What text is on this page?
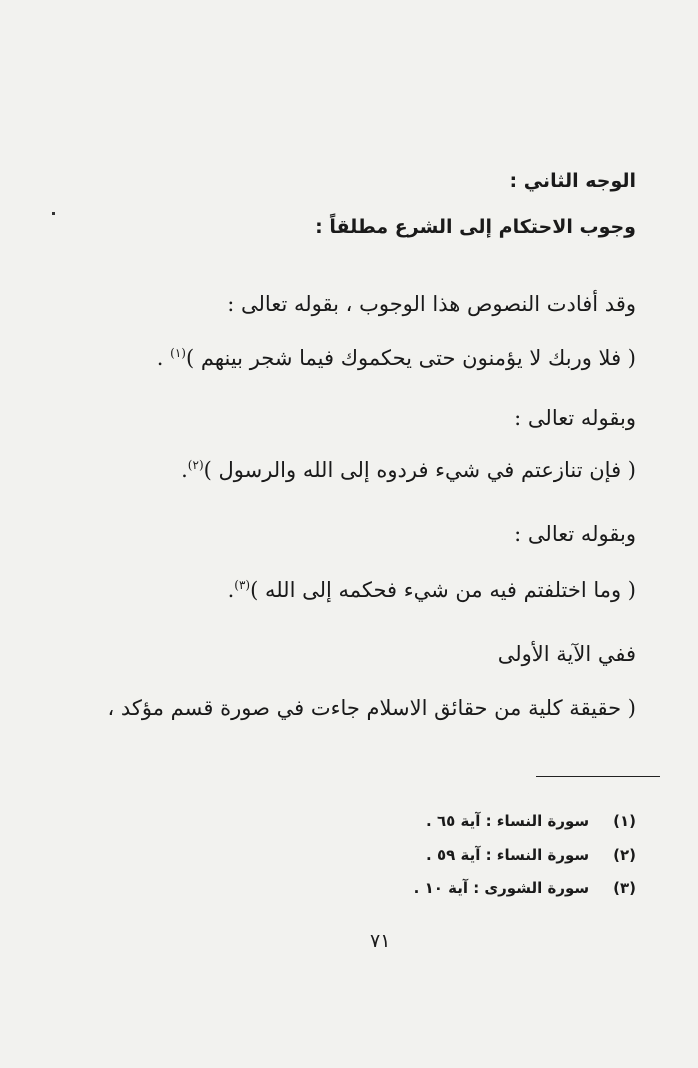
الوجه الثاني :
وجوب الاحتكام إلى الشرع مطلقاً :
وقد أفادت النصوص هذا الوجوب ، بقوله تعالى :
( فلا وربك لا يؤمنون حتى يحكموك فيما شجر بينهم )$^{(١)}$ .
وبقوله تعالى :
( فإن تنازعتم في شيء فردوه إلى الله والرسول )$^{(٢)}$.
وبقوله تعالى :
( وما اختلفتم فيه من شيء فحكمه إلى الله )$^{(٣)}$.
ففي الآية الأولى
( حقيقة كلية من حقائق الاسلام جاءت في صورة قسم مؤكد ،
(١)
سورة النساء : آية ٦٥ .
(٢)
سورة النساء : آية ٥٩ .
(٣)
سورة الشورى : آية ١٠ .
٧١
